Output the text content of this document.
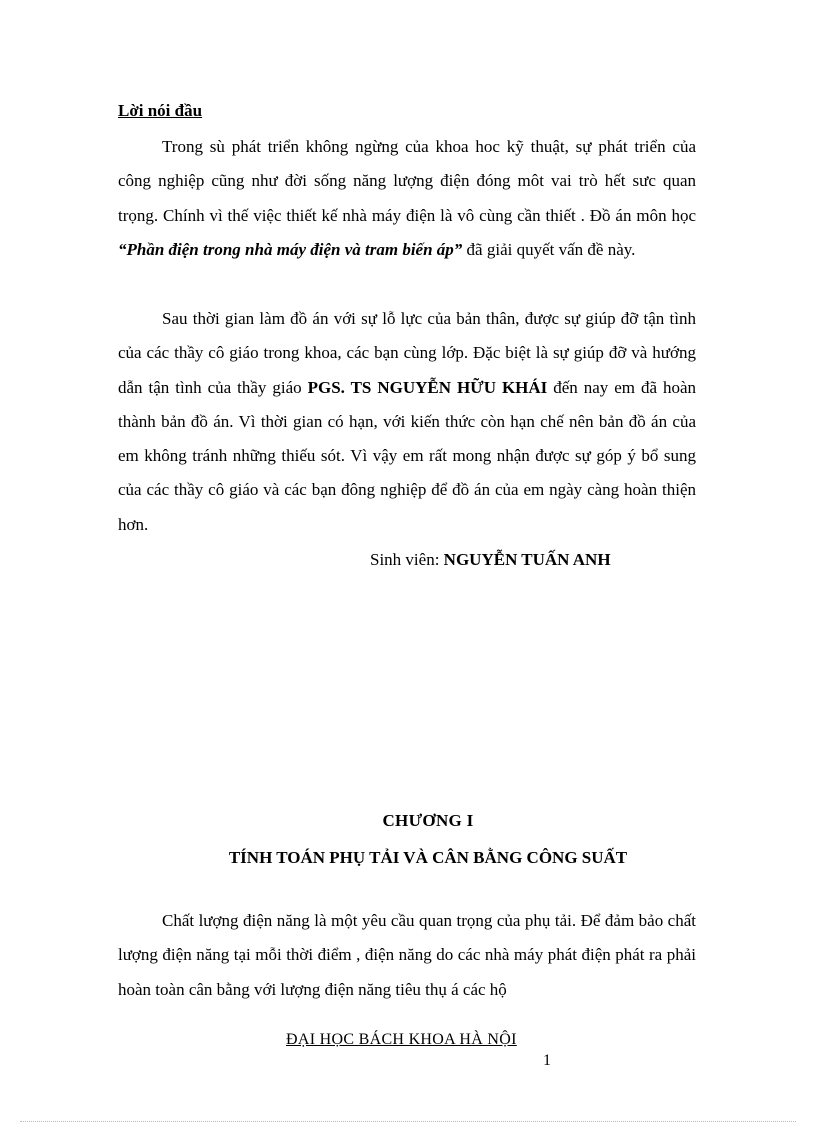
Lời nói đầu

Trong sù phát triển không ngừng của khoa hoc kỹ thuật, sự phát triển của công nghiệp cũng như đời sống năng lượng điện đóng môt vai trò hết sưc quan trọng. Chính vì thế việc thiết kế nhà máy điện là vô cùng cần thiết . Đồ án môn học “Phần điện trong nhà máy điện và tram biến áp” đã giải quyết vấn đề này.

Sau thời gian làm đồ án với sự lỗ lực của bản thân, được sự giúp đỡ tận tình của các thầy cô giáo trong khoa, các bạn cùng lớp. Đặc biệt là sự giúp đỡ và hướng dẫn tận tình của thầy giáo PGS. TS NGUYỄN HỮU KHÁI đến nay em đã hoàn thành bản đồ án. Vì thời gian có hạn, với kiến thức còn hạn chế nên bản đồ án của em không tránh những thiếu sót. Vì vậy em rất mong nhận được sự góp ý bổ sung của các thầy cô giáo và các bạn đông nghiệp để đồ án của em ngày càng hoàn thiện hơn.

Sinh viên: NGUYỄN TUẤN ANH

CHƯƠNG I

TÍNH TOÁN PHỤ TẢI VÀ CÂN BẰNG CÔNG SUẤT

Chất lượng điện năng là một yêu cầu quan trọng của phụ tải. Để đảm bảo chất lượng điện năng tại mỗi thời điểm , điện năng do các nhà máy phát điện phát ra phải hoàn toàn cân bằng với lượng điện năng tiêu thụ á các hộ

ĐẠI HỌC BÁCH KHOA HÀ NỘI

1
